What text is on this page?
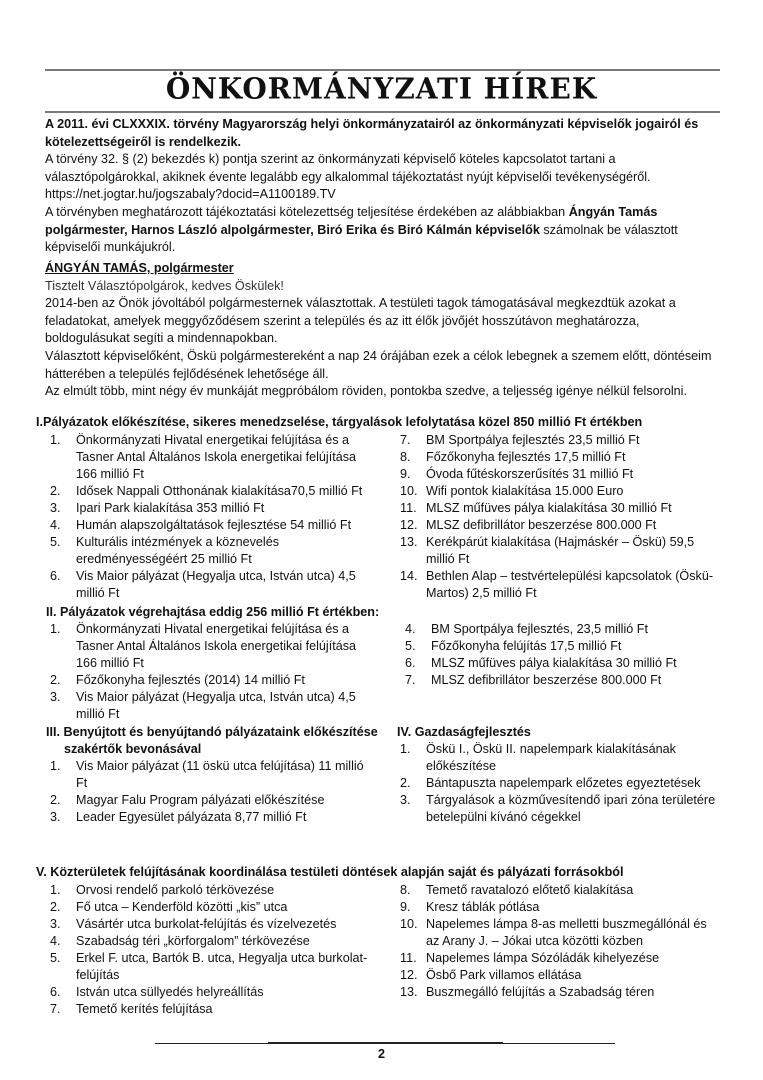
ÖNKORMÁNYZATI HÍREK

A 2011. évi CLXXXIX. törvény Magyarország helyi önkormányzatairól az önkormányzati képviselők jogairól és kötelezettségeiről is rendelkezik.

A törvény 32. § (2) bekezdés k) pontja szerint az önkormányzati képviselő köteles kapcsolatot tartani a választópolgárokkal, akiknek évente legalább egy alkalommal tájékoztatást nyújt képviselői tevékenységéről. https://net.jogtar.hu/jogszabaly?docid=A1100189.TV

A törvényben meghatározott tájékoztatási kötelezettség teljesítése érdekében az alábbiakban Ángyán Tamás polgármester, Harnos László alpolgármester, Biró Erika és Biró Kálmán képviselők számolnak be választott képviselői munkájukról.

ÁNGYÁN TAMÁS, polgármester

Tisztelt Választópolgárok, kedves Öskülek!

2014-ben az Önök jóvoltából polgármesternek választottak. A testületi tagok támogatásával megkezdtük azokat a feladatokat, amelyek meggyőződésem szerint a település és az itt élők jövőjét hosszútávon meghatározza, boldogulásukat segíti a mindennapokban.

Választott képviselőként, Öskü polgármestereként a nap 24 órájában ezek a célok lebegnek a szemem előtt, döntéseim hátterében a település fejlődésének lehetősége áll.

Az elmúlt több, mint négy év munkáját megpróbálom röviden, pontokba szedve, a teljesség igénye nélkül felsorolni.

I.Pályázatok előkészítése, sikeres menedzselése, tárgyalások lefolytatása közel 850 millió Ft értékben
1. Önkormányzati Hivatal energetikai felújítása és a Tasner Antal Általános Iskola energetikai felújítása 166 millió Ft
2. Idősek Nappali Otthonának kialakítása70,5 millió Ft
3. Ipari Park kialakítása 353 millió Ft
4. Humán alapszolgáltatások fejlesztése 54 millió Ft
5. Kulturális intézmények a köznevelés eredményességéért 25 millió Ft
6. Vis Maior pályázat (Hegyalja utca, István utca) 4,5 millió Ft
7. BM Sportpálya fejlesztés 23,5 millió Ft
8. Főzőkonyha fejlesztés 17,5 millió Ft
9. Óvoda fűtéskorszerűsítés 31 millió Ft
10. Wifi pontok kialakítása 15.000 Euro
11. MLSZ műfüves pálya kialakítása 30 millió Ft
12. MLSZ defibrillátor beszerzése 800.000 Ft
13. Kerékpárút kialakítása (Hajmáskér – Öskü) 59,5 millió Ft
14. Bethlen Alap – testvértelepülési kapcsolatok (Öskü-Martos) 2,5 millió Ft
II. Pályázatok végrehajtása eddig 256 millió Ft értékben:
1. Önkormányzati Hivatal energetikai felújítása és a Tasner Antal Általános Iskola energetikai felújítása 166 millió Ft
2. Főzőkonyha fejlesztés (2014) 14 millió Ft
3. Vis Maior pályázat (Hegyalja utca, István utca) 4,5 millió Ft
4. BM Sportpálya fejlesztés, 23,5 millió Ft
5. Főzőkonyha felújítás 17,5 millió Ft
6. MLSZ műfüves pálya kialakítása 30 millió Ft
7. MLSZ defibrillátor beszerzése 800.000 Ft
III. Benyújtott és benyújtandó pályázataink előkészítése szakértők bevonásával
1. Vis Maior pályázat (11 öskü utca felújítása) 11 millió Ft
2. Magyar Falu Program pályázati előkészítése
3. Leader Egyesület pályázata 8,77 millió Ft
IV. Gazdaságfejlesztés
1. Öskü I., Öskü II. napelempark kialakításának előkészítése
2. Bántapuszta napelempark előzetes egyeztetések
3. Tárgyalások a közművesítendő ipari zóna területére betelepülni kívánó cégekkel
V. Közterületek felújításának koordinálása testületi döntések alapján saját és pályázati forrásokból
1. Orvosi rendelő parkoló térkövezése
2. Fő utca – Kenderföld közötti „kis” utca
3. Vásártér utca burkolat-felújítás és vízelvezetés
4. Szabadság téri „körforgalom” térkövezése
5. Erkel F. utca, Bartók B. utca, Hegyalja utca burkolat-felújítás
6. István utca süllyedés helyreállítás
7. Temető kerítés felújítása
8. Temető ravatalozó előtető kialakítása
9. Kresz táblák pótlása
10. Napelemes lámpa 8-as melletti buszmegállónál és az Arany J. – Jókai utca közötti közben
11. Napelemes lámpa Sózóládák kihelyezése
12. Ösbő Park villamos ellátása
13. Buszmegálló felújítás a Szabadság téren
2
